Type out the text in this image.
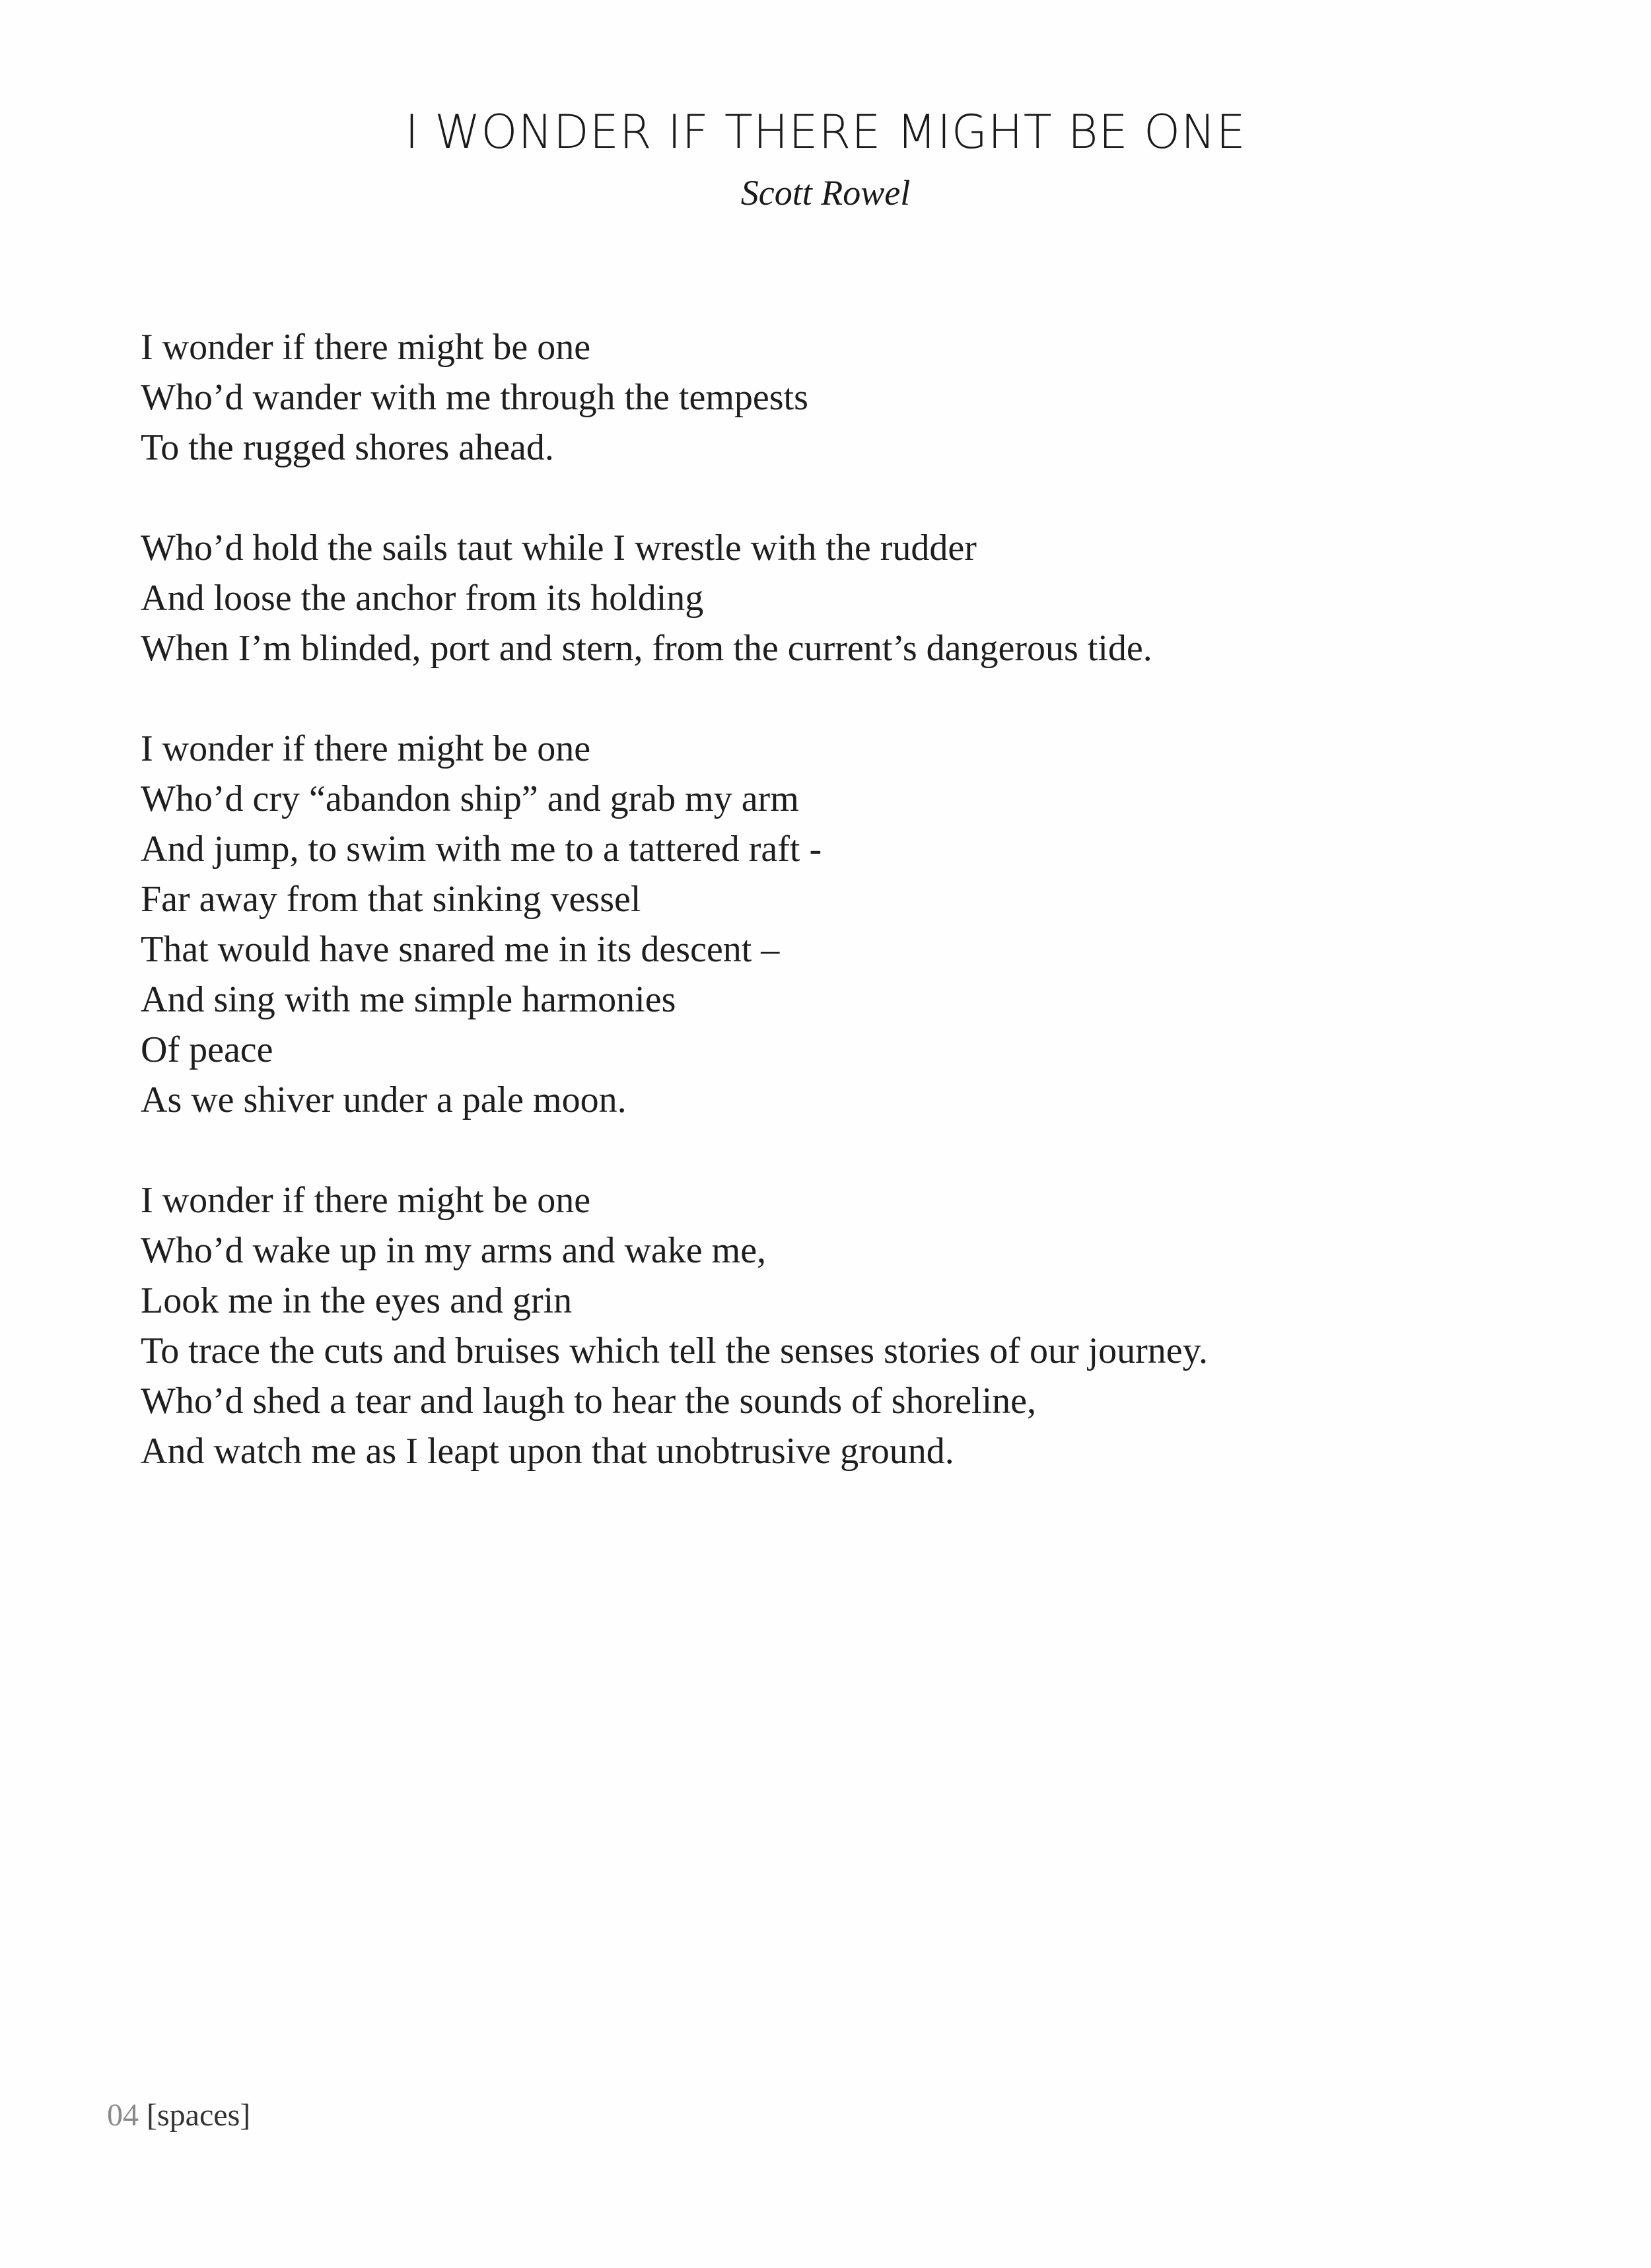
I WONDER IF THERE MIGHT BE ONE
Scott Rowel
I wonder if there might be one
Who’d wander with me through the tempests
To the rugged shores ahead.
Who’d hold the sails taut while I wrestle with the rudder
And loose the anchor from its holding
When I’m blinded, port and stern, from the current’s dangerous tide.
I wonder if there might be one
Who’d cry “abandon ship” and grab my arm
And jump, to swim with me to a tattered raft -
Far away from that sinking vessel
That would have snared me in its descent –
And sing with me simple harmonies
Of peace
As we shiver under a pale moon.
I wonder if there might be one
Who’d wake up in my arms and wake me,
Look me in the eyes and grin
To trace the cuts and bruises which tell the senses stories of our journey.
Who’d shed a tear and laugh to hear the sounds of shoreline,
And watch me as I leapt upon that unobtrusive ground.
04 [spaces]
